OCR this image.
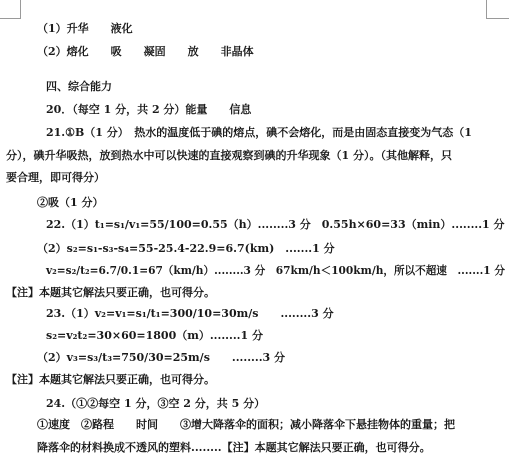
（1）升华　　液化
（2）熔化　　吸　　凝固　　放　　非晶体
四、综合能力
20．（每空 1 分，共 2 分）能量　　信息
21.①B（1 分）　热水的温度低于碘的熔点，碘不会熔化，而是由固态直接变为气态（1
分），碘升华吸热，放到热水中可以快速的直接观察到碘的升华现象（1 分）。（其他解释，只
要合理，即可得分）
②吸（1 分）
22.（1）t₁=s₁/v₁=55/100=0.55（h）........3 分　0.55h×60=33（min）........1 分
（2）s₂=s₁-s₃-s₄=55-25.4-22.9=6.7(km)　.......1 分
v₂=s₂/t₂=6.7/0.1=67（km/h）........3 分　67km/h＜100km/h，所以不超速　.......1 分
【注】本题其它解法只要正确，也可得分。
23.（1）v₂=v₁=s₁/t₁=300/10=30m/s　　........3 分
s₂=v₂t₂=30×60=1800（m）........1 分
（2）v₃=s₃/t₃=750/30=25m/s　　........3 分
【注】本题其它解法只要正确，也可得分。
24.（①②每空 1 分，③空 2 分，共 5 分）
①速度　②路程　　时间　　③增大降落伞的面积；减小降落伞下悬挂物体的重量；把
降落伞的材料换成不透风的塑料........【注】本题其它解法只要正确，也可得分。
